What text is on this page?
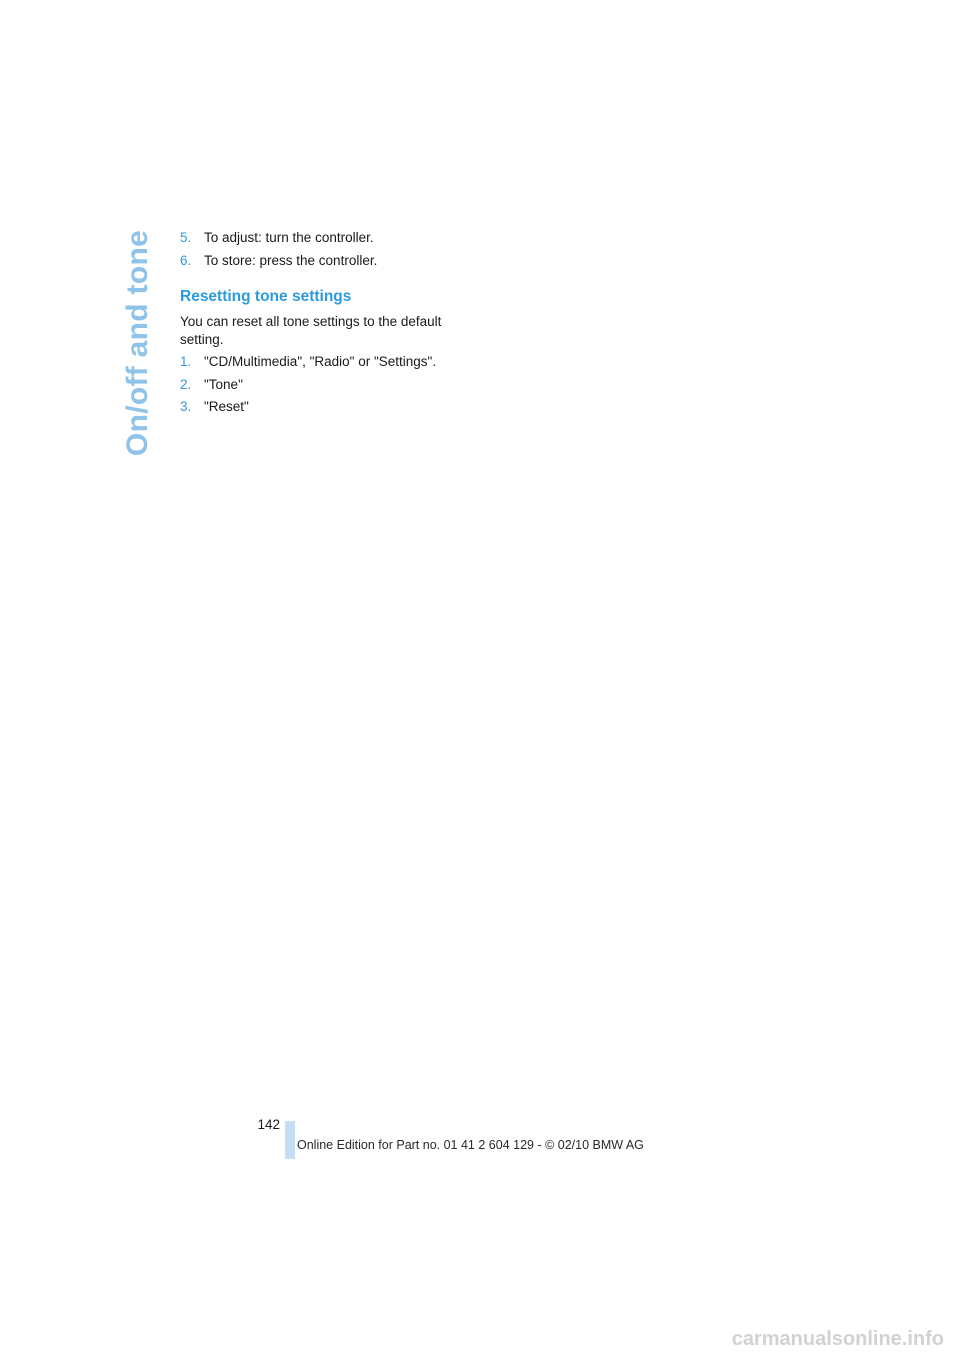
On/off and tone 5. To adjust: turn the controller.
6. To store: press the controller.
Resetting tone settings
You can reset all tone settings to the default
setting.
1. "CD/Multimedia", "Radio" or "Settings".
2. "Tone"
3. "Reset"
142
Online Edition for Part no. 01 41 2 604 129 - © 02/10 BMW AG
carmanualsonline.info
